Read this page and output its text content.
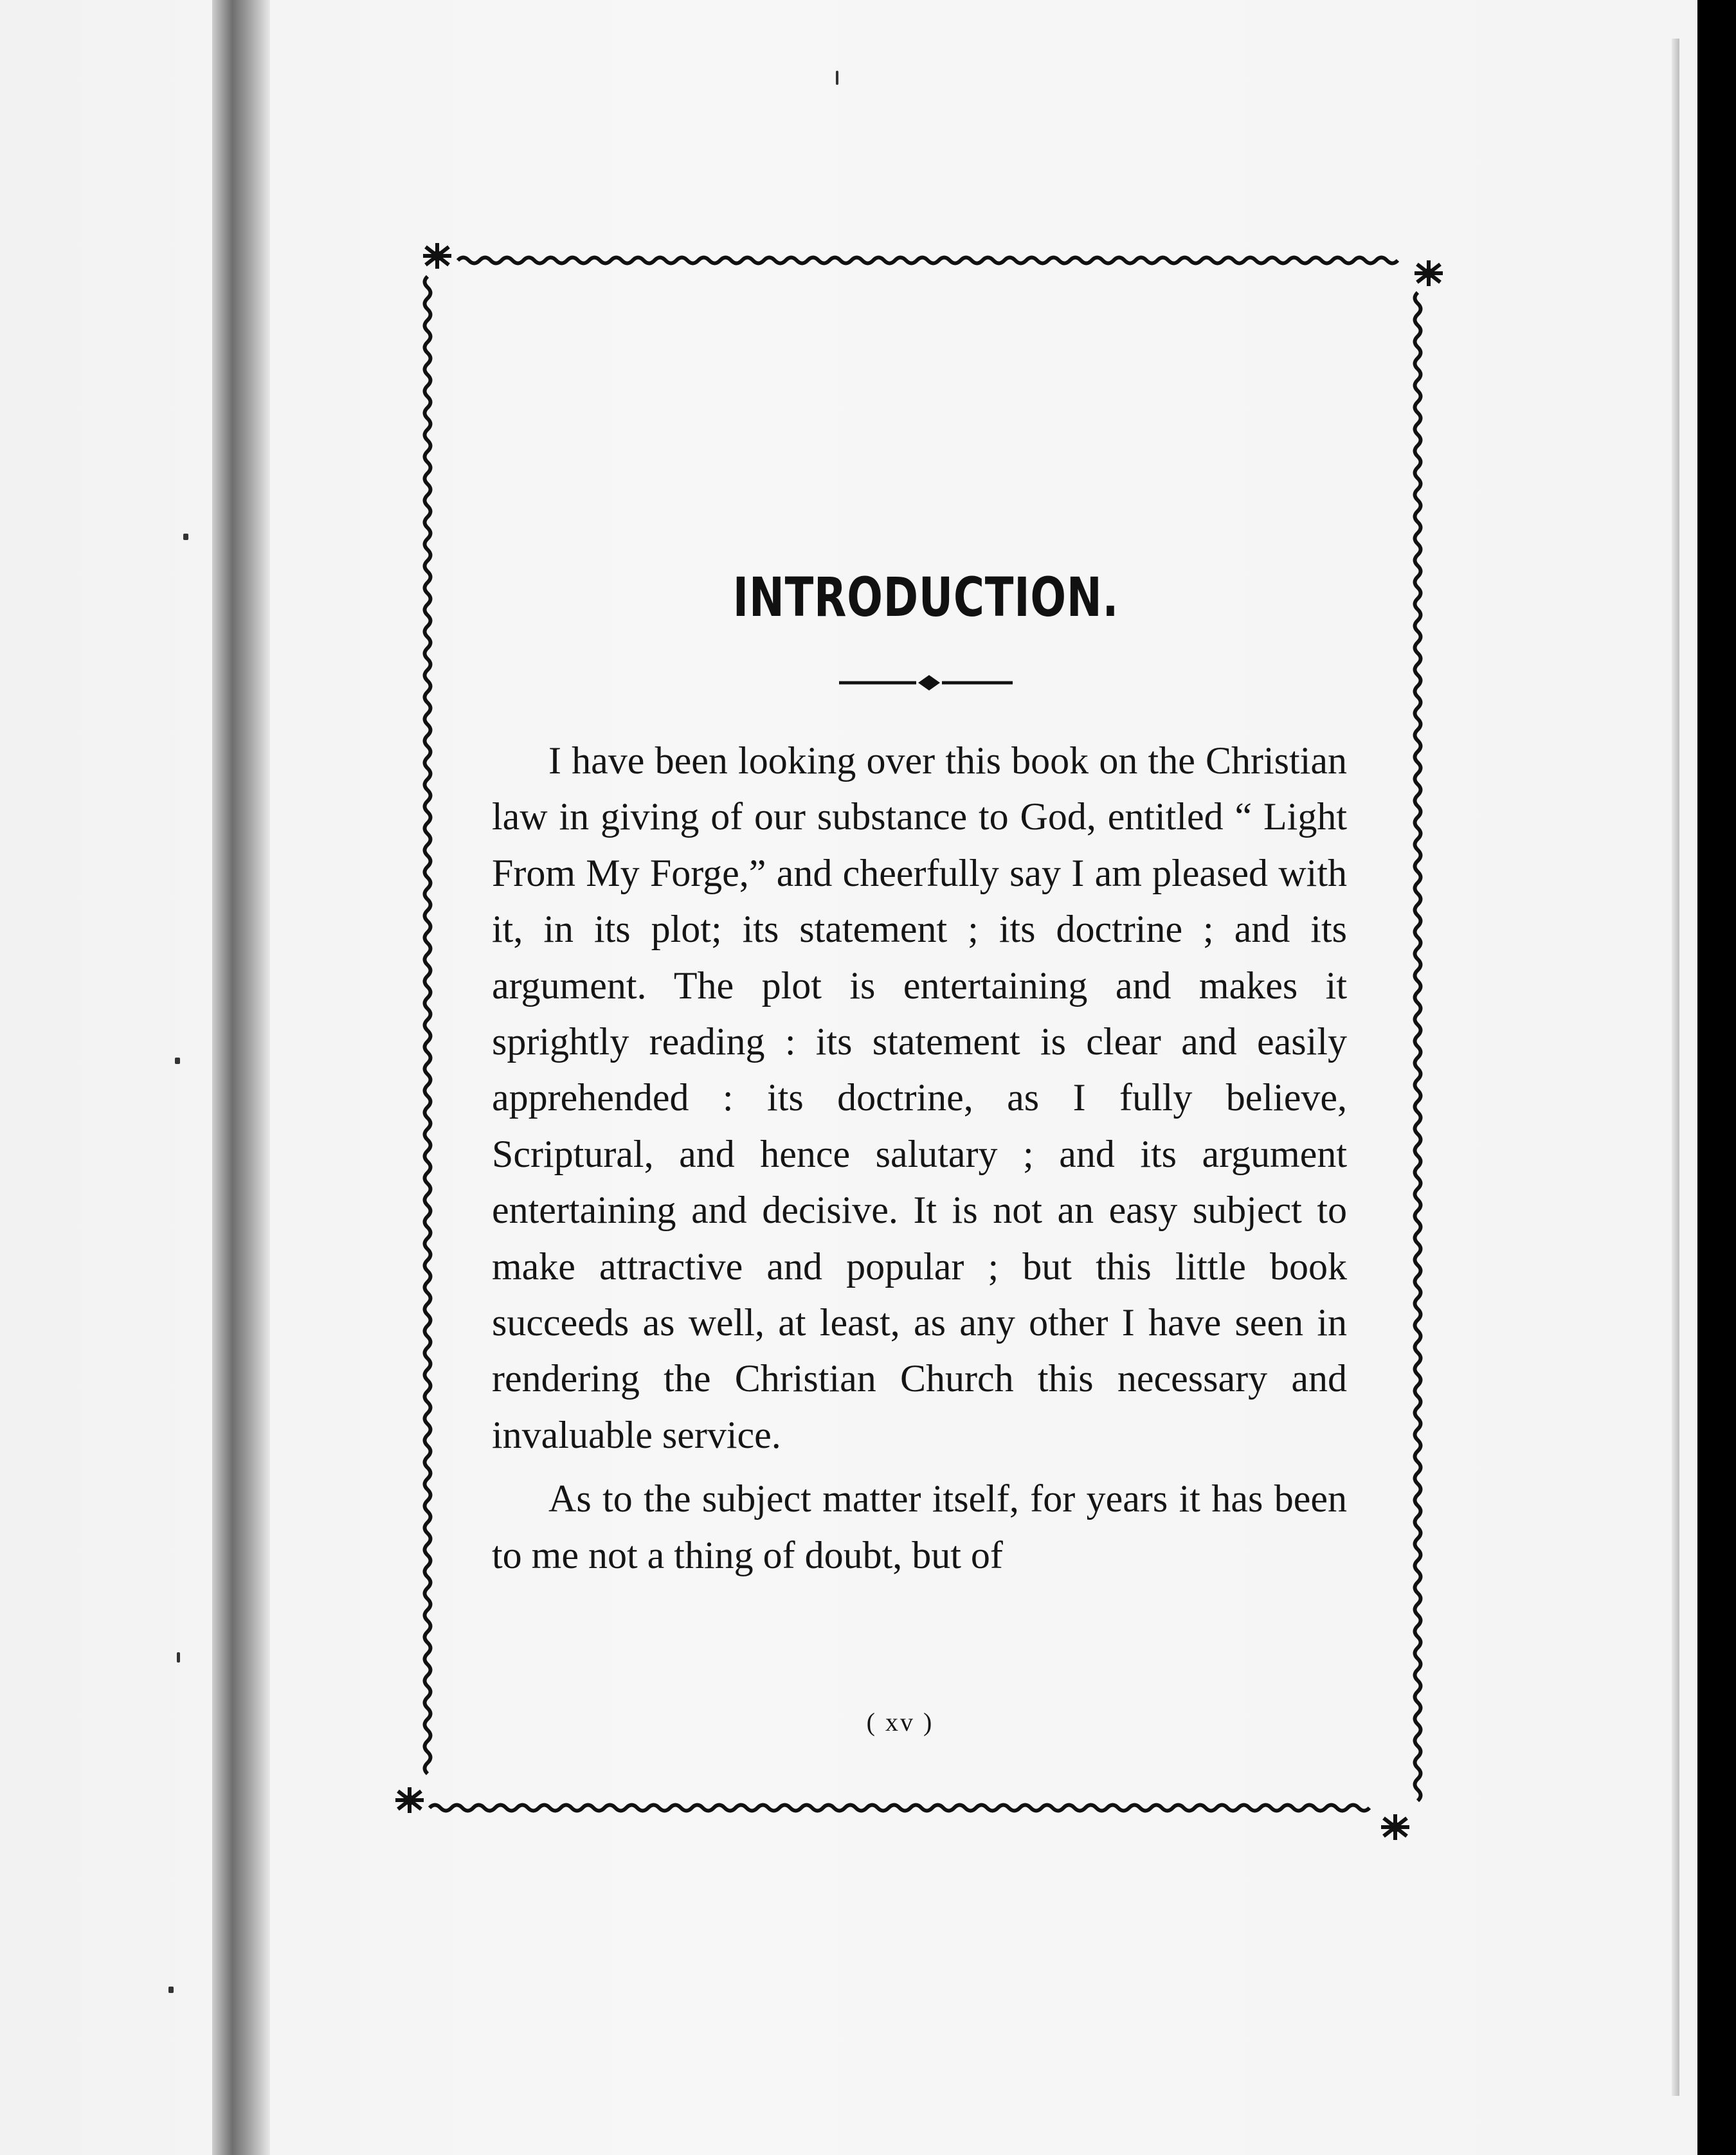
INTRODUCTION.

I have been looking over this book on the Christian law in giving of our substance to God, entitled “ Light From My Forge,” and cheerfully say I am pleased with it, in its plot; its statement ; its doctrine ; and its argument. The plot is entertaining and makes it sprightly reading : its statement is clear and easily apprehended : its doctrine, as I fully believe, Scriptural, and hence salutary ; and its argument entertaining and decisive. It is not an easy subject to make attractive and popular ; but this little book succeeds as well, at least, as any other I have seen in rendering the Christian Church this necessary and invaluable service.

As to the subject matter itself, for years it has been to me not a thing of doubt, but of

( xv )
